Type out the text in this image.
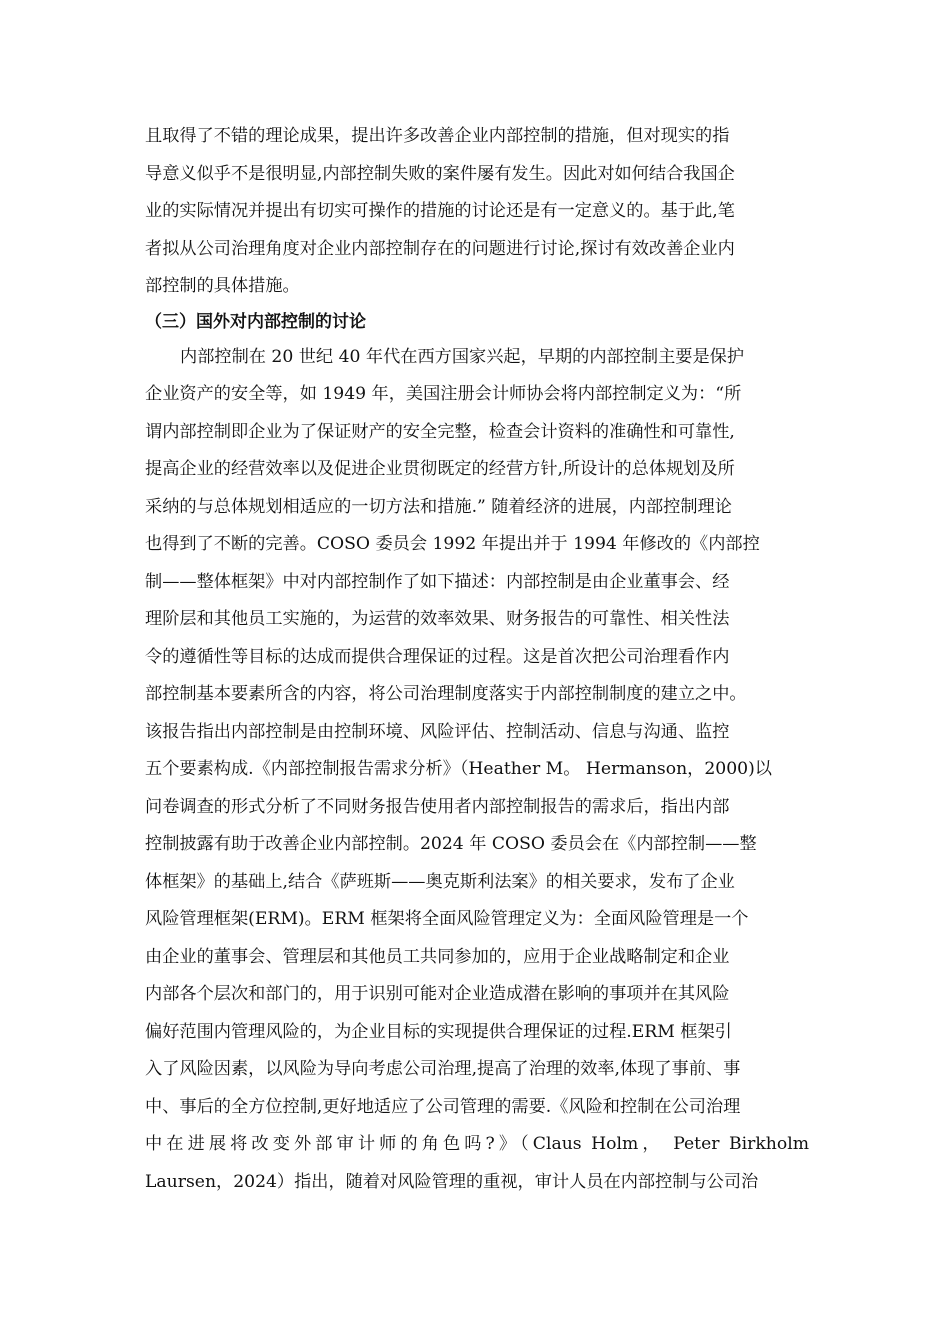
且取得了不错的理论成果，提出许多改善企业内部控制的措施，但对现实的指
导意义似乎不是很明显,内部控制失败的案件屡有发生。因此对如何结合我国企
业的实际情况并提出有切实可操作的措施的讨论还是有一定意义的。基于此,笔
者拟从公司治理角度对企业内部控制存在的问题进行讨论,探讨有效改善企业内
部控制的具体措施。
（三）国外对内部控制的讨论
内部控制在 20 世纪 40 年代在西方国家兴起，早期的内部控制主要是保护
企业资产的安全等，如 1949 年，美国注册会计师协会将内部控制定义为：“所
谓内部控制即企业为了保证财产的安全完整，检查会计资料的准确性和可靠性,
提高企业的经营效率以及促进企业贯彻既定的经营方针,所设计的总体规划及所
采纳的与总体规划相适应的一切方法和措施.” 随着经济的进展，内部控制理论
也得到了不断的完善。COSO 委员会 1992 年提出并于 1994 年修改的《内部控
制——整体框架》中对内部控制作了如下描述：内部控制是由企业董事会、经
理阶层和其他员工实施的，为运营的效率效果、财务报告的可靠性、相关性法
令的遵循性等目标的达成而提供合理保证的过程。这是首次把公司治理看作内
部控制基本要素所含的内容，将公司治理制度落实于内部控制制度的建立之中。
该报告指出内部控制是由控制环境、风险评估、控制活动、信息与沟通、监控
五个要素构成.《内部控制报告需求分析》（Heather M。 Hermanson，2000)以
问卷调查的形式分析了不同财务报告使用者内部控制报告的需求后，指出内部
控制披露有助于改善企业内部控制。2024 年 COSO 委员会在《内部控制——整
体框架》的基础上,结合《萨班斯——奥克斯利法案》的相关要求，发布了企业
风险管理框架(ERM)。ERM 框架将全面风险管理定义为：全面风险管理是一个
由企业的董事会、管理层和其他员工共同参加的，应用于企业战略制定和企业
内部各个层次和部门的，用于识别可能对企业造成潜在影响的事项并在其风险
偏好范围内管理风险的，为企业目标的实现提供合理保证的过程.ERM 框架引
入了风险因素，以风险为导向考虑公司治理,提高了治理的效率,体现了事前、事
中、事后的全方位控制,更好地适应了公司管理的需要.《风险和控制在公司治理
中在进展将改变外部审计师的角色吗?》（Claus Holm， Peter Birkholm
Laursen，2024）指出，随着对风险管理的重视，审计人员在内部控制与公司治
